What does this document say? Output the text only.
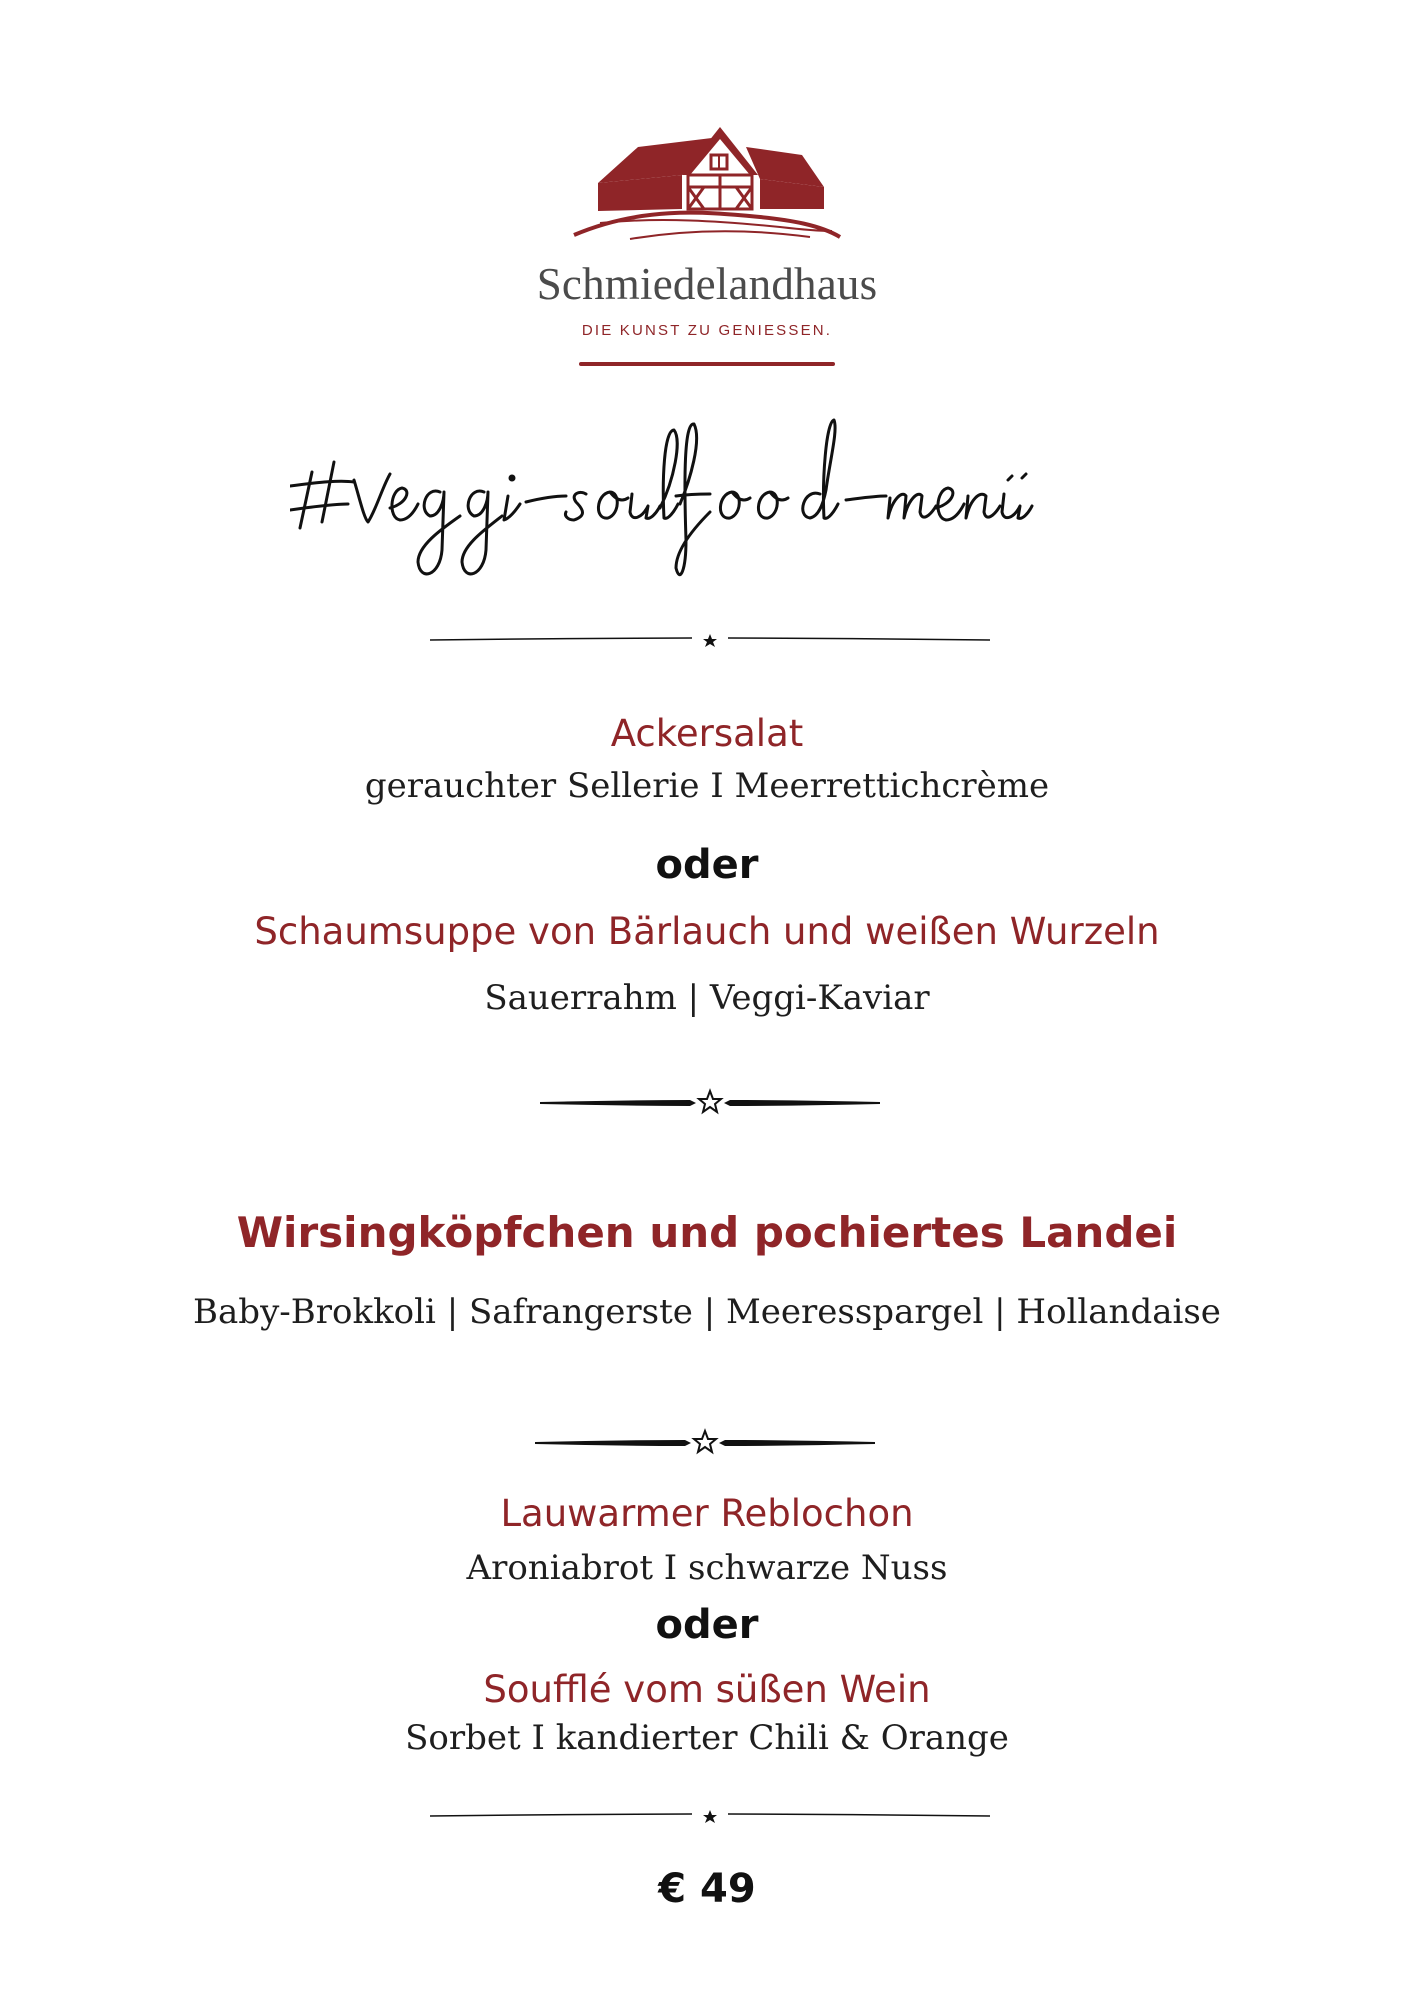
Schmiedelandhaus
DIE KUNST ZU GENIESSEN.
Ackersalat
gerauchter Sellerie I Meerrettichcrème
oder
Schaumsuppe von Bärlauch und weißen Wurzeln
Sauerrahm | Veggi-Kaviar
Wirsingköpfchen und pochiertes Landei
Baby-Brokkoli | Safrangerste | Meeresspargel | Hollandaise
Lauwarmer Reblochon
Aroniabrot I schwarze Nuss
oder
Soufflé vom süßen Wein
Sorbet I kandierter Chili & Orange
€ 49
